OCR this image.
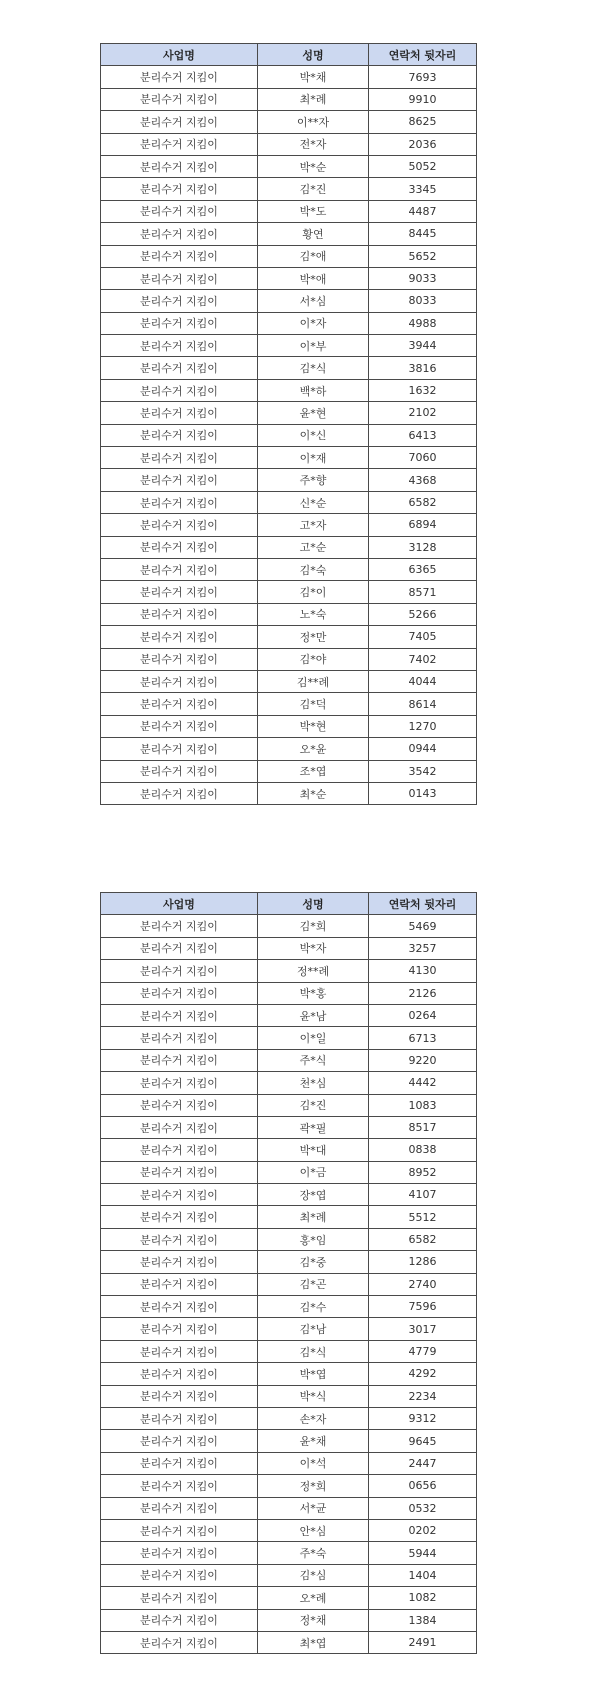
사업명	성명	연락처 뒷자리
분리수거 지킴이	박*채	7693
분리수거 지킴이	최*례	9910
분리수거 지킴이	이**자	8625
분리수거 지킴이	전*자	2036
분리수거 지킴이	박*순	5052
분리수거 지킴이	김*진	3345
분리수거 지킴이	박*도	4487
분리수거 지킴이	황연	8445
분리수거 지킴이	김*애	5652
분리수거 지킴이	박*애	9033
분리수거 지킴이	서*심	8033
분리수거 지킴이	이*자	4988
분리수거 지킴이	이*부	3944
분리수거 지킴이	김*식	3816
분리수거 지킴이	백*하	1632
분리수거 지킴이	윤*현	2102
분리수거 지킴이	이*신	6413
분리수거 지킴이	이*재	7060
분리수거 지킴이	주*향	4368
분리수거 지킴이	신*순	6582
분리수거 지킴이	고*자	6894
분리수거 지킴이	고*순	3128
분리수거 지킴이	김*숙	6365
분리수거 지킴이	김*이	8571
분리수거 지킴이	노*숙	5266
분리수거 지킴이	정*만	7405
분리수거 지킴이	김*야	7402
분리수거 지킴이	김**례	4044
분리수거 지킴이	김*덕	8614
분리수거 지킴이	박*현	1270
분리수거 지킴이	오*윤	0944
분리수거 지킴이	조*엽	3542
분리수거 지킴이	최*순	0143
사업명	성명	연락처 뒷자리
분리수거 지킴이	김*희	5469
분리수거 지킴이	박*자	3257
분리수거 지킴이	정**례	4130
분리수거 지킴이	박*홍	2126
분리수거 지킴이	윤*남	0264
분리수거 지킴이	이*일	6713
분리수거 지킴이	주*식	9220
분리수거 지킴이	천*심	4442
분리수거 지킴이	김*진	1083
분리수거 지킴이	곽*필	8517
분리수거 지킴이	박*대	0838
분리수거 지킴이	이*금	8952
분리수거 지킴이	장*엽	4107
분리수거 지킴이	최*례	5512
분리수거 지킴이	홍*임	6582
분리수거 지킴이	김*중	1286
분리수거 지킴이	김*곤	2740
분리수거 지킴이	김*수	7596
분리수거 지킴이	김*남	3017
분리수거 지킴이	김*식	4779
분리수거 지킴이	박*엽	4292
분리수거 지킴이	박*식	2234
분리수거 지킴이	손*자	9312
분리수거 지킴이	윤*채	9645
분리수거 지킴이	이*석	2447
분리수거 지킴이	정*희	0656
분리수거 지킴이	서*균	0532
분리수거 지킴이	안*심	0202
분리수거 지킴이	주*숙	5944
분리수거 지킴이	김*심	1404
분리수거 지킴이	오*례	1082
분리수거 지킴이	정*채	1384
분리수거 지킴이	최*엽	2491
